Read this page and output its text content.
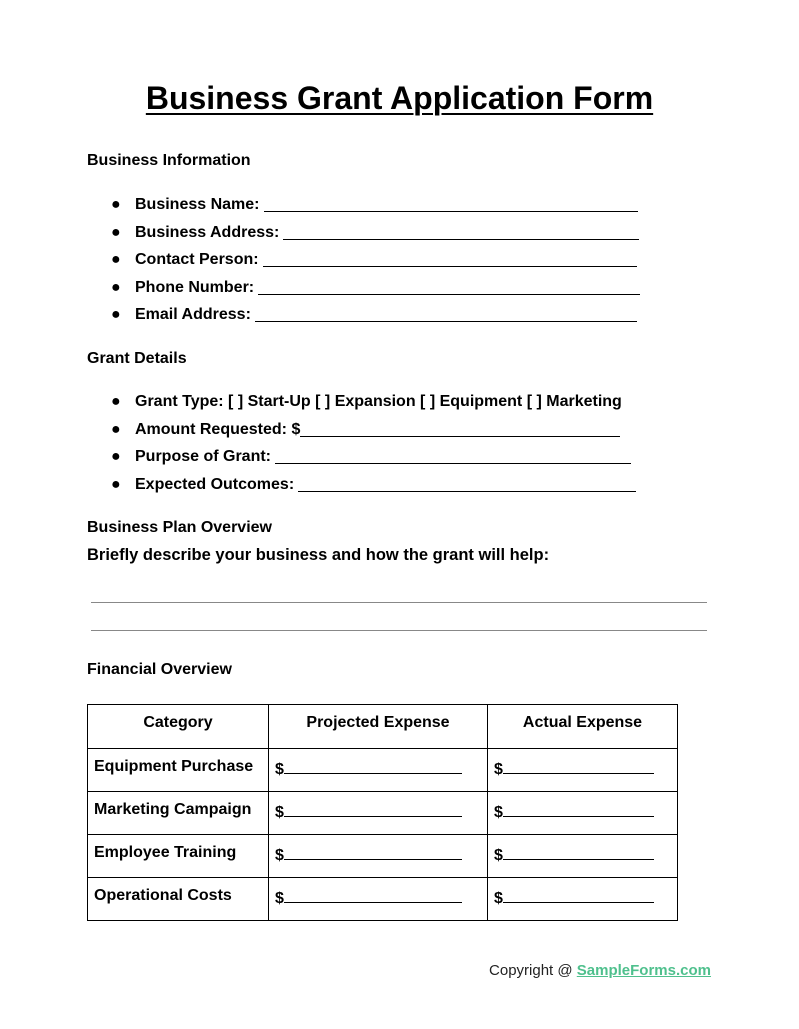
Business Grant Application Form
Business Information
● Business Name:
● Business Address:
● Contact Person:
● Phone Number:
● Email Address:
Grant Details
● Grant Type: [ ] Start-Up [ ] Expansion [ ] Equipment [ ] Marketing
● Amount Requested: $
● Purpose of Grant:
● Expected Outcomes:
Business Plan Overview
Briefly describe your business and how the grant will help:
Financial Overview
Category	Projected Expense	Actual Expense
Equipment Purchase	$	$
Marketing Campaign	$	$
Employee Training	$	$
Operational Costs	$	$
Copyright @ SampleForms.com
